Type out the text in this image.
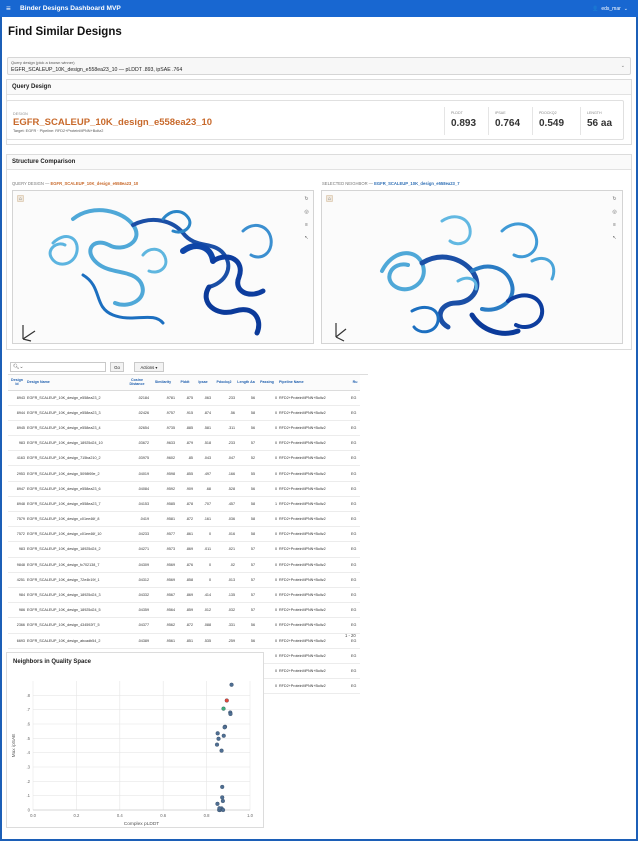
≡	Binder Designs Dashboard MVP	👤 eds_mar ⌄
Find Similar Designs
Query design (pick a known winner)
EGFR_SCALEUP_10K_design_e558ea23_10 — pLDDT .893, ipSAE .764
⌄
Query Design
DESIGN
EGFR_SCALEUP_10K_design_e558ea23_10
Target: EGFR · Pipeline: RFD2+ProteinMPNN+Boltz2
PLDDT
0.893
IPSAE
0.764
PDOCKQ2
0.549
LENGTH
56 aa
Structure Comparison
QUERY DESIGN — EGFR_SCALEUP_10K_design_e558ea23_10	SELECTED NEIGHBOR — EGFR_SCALEUP_10K_design_e558ea23_7
⌂	↻
◎
≡
↖
⌂	↻
◎
≡
↖
🔍︎⌄	Go	Actions ▾
Design Id	Design Name	Cosine Distance	Similarity	Plddt	Ipsae	Pdockq2	Length Aa	Passing	Pipeline Name	Ru
8943	EGFR_SCALEUP_10K_design_e558ea23_2	.02184	.9781	.875	.063	.233	56	0	RFD2+ProteinMPNN+Boltz2	EG
8944	EGFR_SCALEUP_10K_design_e558ea23_3	.02426	.9757	.915	.874	.56	58	0	RFD2+ProteinMPNN+Boltz2	EG
8945	EGFR_SCALEUP_10K_design_e558ea23_4	.02654	.9735	.885	.581	.311	56	0	RFD2+ProteinMPNN+Boltz2	EG
983	EGFR_SCALEUP_10K_design_18925d24_10	.03672	.9633	.879	.518	.233	57	0	RFD2+ProteinMPNN+Boltz2	EG
4163	EGFR_SCALEUP_10K_design_715ba210_2	.03975	.9602	.85	.043	.047	52	0	RFD2+ProteinMPNN+Boltz2	EG
2953	EGFR_SCALEUP_10K_design_5098f69e_2	.04019	.9598	.855	.497	.166	55	0	RFD2+ProteinMPNN+Boltz2	EG
8947	EGFR_SCALEUP_10K_design_e558ea23_6	.04084	.9592	.909	.68	.528	56	0	RFD2+ProteinMPNN+Boltz2	EG
8948	EGFR_SCALEUP_10K_design_e558ea23_7	.04153	.9585	.878	.707	.457	58	1	RFD2+ProteinMPNN+Boltz2	EG
7579	EGFR_SCALEUP_10K_design_c01ee46f_8	.0419	.9581	.872	.161	.036	58	0	RFD2+ProteinMPNN+Boltz2	EG
7572	EGFR_SCALEUP_10K_design_c01ee46f_10	.04233	.9577	.861	0	.016	58	0	RFD2+ProteinMPNN+Boltz2	EG
983	EGFR_SCALEUP_10K_design_18925d24_2	.04271	.9573	.869	.011	.021	57	0	RFD2+ProteinMPNN+Boltz2	EG
9848	EGFR_SCALEUP_10K_design_fc702138_7	.04309	.9569	.876	0	.02	57	0	RFD2+ProteinMPNN+Boltz2	EG
4251	EGFR_SCALEUP_10K_design_72e4b19f_1	.04312	.9569	.858	0	.013	57	0	RFD2+ProteinMPNN+Boltz2	EG
984	EGFR_SCALEUP_10K_design_18925d24_3	.04332	.9567	.869	.414	.135	57	0	RFD2+ProteinMPNN+Boltz2	EG
986	EGFR_SCALEUP_10K_design_18925d24_5	.04359	.9564	.859	.012	.032	57	0	RFD2+ProteinMPNN+Boltz2	EG
2366	EGFR_SCALEUP_10K_design_434592f7_5	.04377	.9562	.872	.088	.331	56	0	RFD2+ProteinMPNN+Boltz2	EG
6693	EGFR_SCALEUP_10K_design_abcadb54_2	.04389	.9561	.851	.535	.259	56	0	RFD2+ProteinMPNN+Boltz2	EG
								0	RFD2+ProteinMPNN+Boltz2	EG
								0	RFD2+ProteinMPNN+Boltz2	EG
								0	RFD2+ProteinMPNN+Boltz2	EG
1 - 20
Neighbors in Quality Space
0.0	0.2	0.4	0.6	0.8	1.0
0
.1
.2
.3
.4
.5
.6
.7
.8
Complex pLDDT
Max ipSAE
